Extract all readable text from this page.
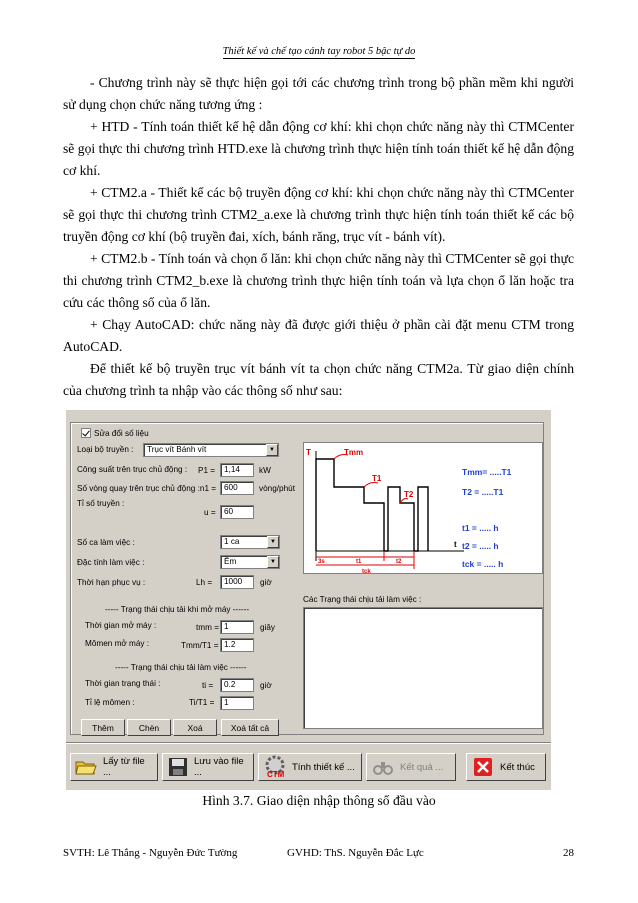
Thiết kế và chế tạo cánh tay robot 5 bậc tự do

- Chương trình này sẽ thực hiện gọi tới các chương trình trong bộ phần mềm khi người sử dụng chọn chức năng tương ứng :

+ HTD - Tính toán thiết kế hệ dẫn động cơ khí: khi chọn chức năng này thì CTMCenter sẽ gọi thực thi chương trình HTD.exe là chương trình thực hiện tính toán thiết kế hệ dẫn động cơ khí.

+ CTM2.a - Thiết kế các bộ truyền động cơ khí: khi chọn chức năng này thì CTMCenter sẽ gọi thực thi chương trình CTM2_a.exe là chương trình thực hiện tính toán thiết kế các bộ truyền động cơ khí (bộ truyền đai, xích, bánh răng, trục vít - bánh vít).

+ CTM2.b - Tính toán và chọn ổ lăn: khi chọn chức năng này thì CTMCenter sẽ gọi thực thi chương trình CTM2_b.exe là chương trình thực hiện tính toán và lựa chọn ổ lăn hoặc tra cứu các thông số của ổ lăn.

+ Chạy AutoCAD: chức năng này đã được giới thiệu ở phần cài đặt menu CTM trong AutoCAD.

Để thiết kế bộ truyền trục vít bánh vít ta chọn chức năng CTM2a. Từ giao diện chính của chương trình ta nhập vào các thông số như sau:

Sửa đổi số liệu
Loại bộ truyền :	Trục vít Bánh vít	▼
Công suất trên trục chủ động : P1 =	1,14	kW
Số vòng quay trên trục chủ động :n1 = 600	vòng/phút
Tỉ số truyền :
u =	60
Số ca làm việc :	1 ca	▼
Đặc tính làm việc :	Êm	▼
Thời hạn phục vụ :	Lh =	1000	giờ
----- Trạng thái chịu tải khi mở máy ------
Thời gian mở máy :	tmm = 1	giây
Mômen mở máy :	Tmm/T1 = 1.2
----- Trạng thái chịu tải làm việc ------
Thời gian trạng thái :	ti =	0.2	giờ
Tỉ lệ mômen :	Ti/T1 =	1
Thêm	Chèn	Xoá	Xoá tất cả
T
t
Tmm
T1
T2
3s	t1	t2
tck
Tmm= .....T1
T2 = .....T1
t1 = ..... h
t2 = ..... h
tck = ..... h
Các Trạng thái chịu tải làm việc :
Lấy từ file ...
Lưu vào file ...	CTM
Tính thiết kế ...	Kết quả ...	Kết thúc
Hình 3.7. Giao diện nhập thông số đầu vào
SVTH: Lê Thắng - Nguyễn Đức Tường	GVHD: ThS. Nguyễn Đắc Lực	28
